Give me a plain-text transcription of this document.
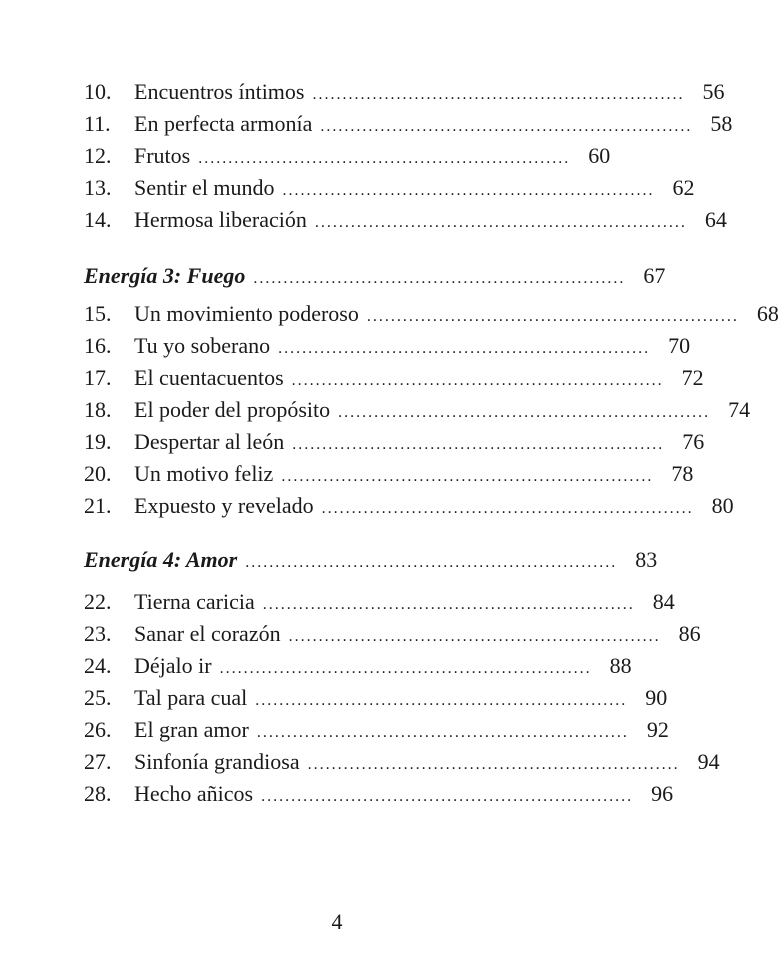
10.	Encuentros íntimos .............................................................. 56
11.	En perfecta armonía .............................................................. 58
12.	Frutos .............................................................. 60
13.	Sentir el mundo .............................................................. 62
14.	Hermosa liberación .............................................................. 64
Energía 3: Fuego .............................................................. 67
15.	Un movimiento poderoso .............................................................. 68
16.	Tu yo soberano .............................................................. 70
17.	El cuentacuentos .............................................................. 72
18.	El poder del propósito .............................................................. 74
19.	Despertar al león .............................................................. 76
20.	Un motivo feliz .............................................................. 78
21.	Expuesto y revelado .............................................................. 80
Energía 4: Amor .............................................................. 83
22.	Tierna caricia .............................................................. 84
23.	Sanar el corazón .............................................................. 86
24.	Déjalo ir .............................................................. 88
25.	Tal para cual .............................................................. 90
26.	El gran amor .............................................................. 92
27.	Sinfonía grandiosa .............................................................. 94
28.	Hecho añicos .............................................................. 96
4
